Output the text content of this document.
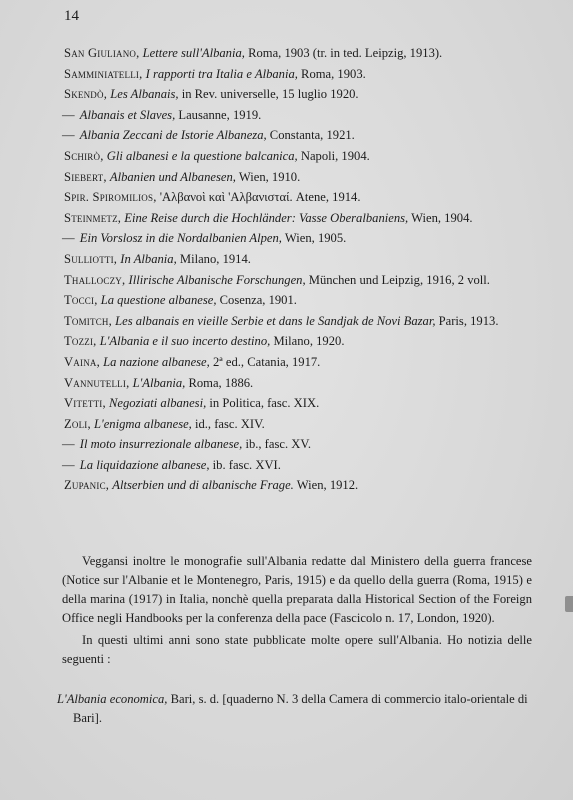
14

San Giuliano, Lettere sull'Albania, Roma, 1903 (tr. in ted. Leipzig, 1913).

Samminiatelli, I rapporti tra Italia e Albania, Roma, 1903.

Skendò, Les Albanais, in Rev. universelle, 15 luglio 1920.

— Albanais et Slaves, Lausanne, 1919.

— Albania Zeccani de Istorie Albaneza, Constanta, 1921.

Schirò, Gli albanesi e la questione balcanica, Napoli, 1904.

Siebert, Albanien und Albanesen, Wien, 1910.

Spir. Spiromilios, 'Αλβανοὶ καὶ 'Αλβανισταί. Atene, 1914.

Steinmetz, Eine Reise durch die Hochländer: Vasse Oberalbaniens, Wien, 1904.

— Ein Vorslosz in die Nordalbanien Alpen, Wien, 1905.

Sulliotti, In Albania, Milano, 1914.

Thalloczy, Illirische Albanische Forschungen, München und Leipzig, 1916, 2 voll.

Tocci, La questione albanese, Cosenza, 1901.

Tomitch, Les albanais en vieille Serbie et dans le Sandjak de Novi Bazar, Paris, 1913.

Tozzi, L'Albania e il suo incerto destino, Milano, 1920.

Vaina, La nazione albanese, 2ª ed., Catania, 1917.

Vannutelli, L'Albania, Roma, 1886.

Vitetti, Negoziati albanesi, in Politica, fasc. XIX.

Zoli, L'enigma albanese, id., fasc. XIV.

— Il moto insurrezionale albanese, ib., fasc. XV.

— La liquidazione albanese, ib. fasc. XVI.

Zupanic, Altserbien und di albanische Frage. Wien, 1912.

Veggansi inoltre le monografie sull'Albania redatte dal Ministero della guerra francese (Notice sur l'Albanie et le Montenegro, Paris, 1915) e da quello della guerra (Roma, 1915) e della marina (1917) in Italia, nonchè quella preparata dalla Historical Section of the Foreign Office negli Handbooks per la conferenza della pace (Fascicolo n. 17, London, 1920).

In questi ultimi anni sono state pubblicate molte opere sull'Albania. Ho notizia delle seguenti :

L'Albania economica, Bari, s. d. [quaderno N. 3 della Camera di commercio italo-orientale di Bari].
